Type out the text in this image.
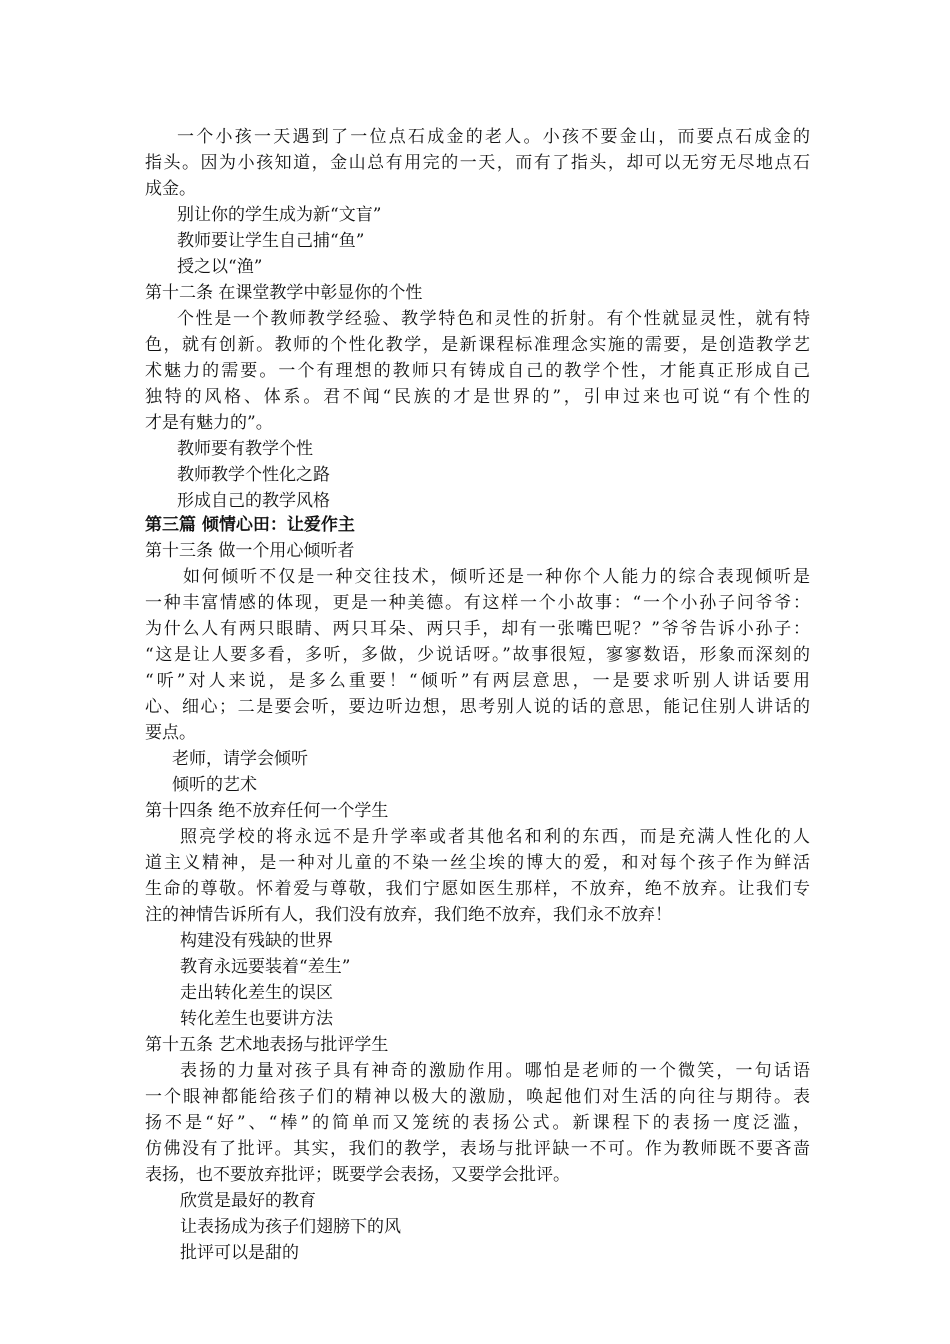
一个小孩一天遇到了一位点石成金的老人。小孩不要金山，而要点石成金的
指头。因为小孩知道，金山总有用完的一天，而有了指头，却可以无穷无尽地点石
成金。
别让你的学生成为新“文盲”
教师要让学生自己捕“鱼”
授之以“渔”
第十二条 在课堂教学中彰显你的个性
个性是一个教师教学经验、教学特色和灵性的折射。有个性就显灵性，就有特
色，就有创新。教师的个性化教学，是新课程标准理念实施的需要，是创造教学艺
术魅力的需要。一个有理想的教师只有铸成自己的教学个性，才能真正形成自己
独特的风格、体系。君不闻“民族的才是世界的”，引申过来也可说“有个性的
才是有魅力的”。
教师要有教学个性
教师教学个性化之路
形成自己的教学风格
第三篇 倾情心田：让爱作主
第十三条 做一个用心倾听者
如何倾听不仅是一种交往技术，倾听还是一种你个人能力的综合表现倾听是
一种丰富情感的体现，更是一种美德。有这样一个小故事：“一个小孙子问爷爷：
为什么人有两只眼睛、两只耳朵、两只手，却有一张嘴巴呢？”爷爷告诉小孙子：
“这是让人要多看，多听，多做，少说话呀。”故事很短，寥寥数语，形象而深刻的
“听”对人来说，是多么重要！“倾听”有两层意思，一是要求听别人讲话要用
心、细心；二是要会听，要边听边想，思考别人说的话的意思，能记住别人讲话的
要点。
老师，请学会倾听
倾听的艺术
第十四条 绝不放弃任何一个学生
照亮学校的将永远不是升学率或者其他名和利的东西，而是充满人性化的人
道主义精神，是一种对儿童的不染一丝尘埃的博大的爱，和对每个孩子作为鲜活
生命的尊敬。怀着爱与尊敬，我们宁愿如医生那样，不放弃，绝不放弃。让我们专
注的神情告诉所有人，我们没有放弃，我们绝不放弃，我们永不放弃！
构建没有残缺的世界
教育永远要装着“差生”
走出转化差生的误区
转化差生也要讲方法
第十五条 艺术地表扬与批评学生
表扬的力量对孩子具有神奇的激励作用。哪怕是老师的一个微笑，一句话语
一个眼神都能给孩子们的精神以极大的激励，唤起他们对生活的向往与期待。表
扬不是“好”、“棒”的简单而又笼统的表扬公式。新课程下的表扬一度泛滥，
仿佛没有了批评。其实，我们的教学，表场与批评缺一不可。作为教师既不要吝啬
表扬，也不要放弃批评；既要学会表扬，又要学会批评。
欣赏是最好的教育
让表扬成为孩子们翅膀下的风
批评可以是甜的
